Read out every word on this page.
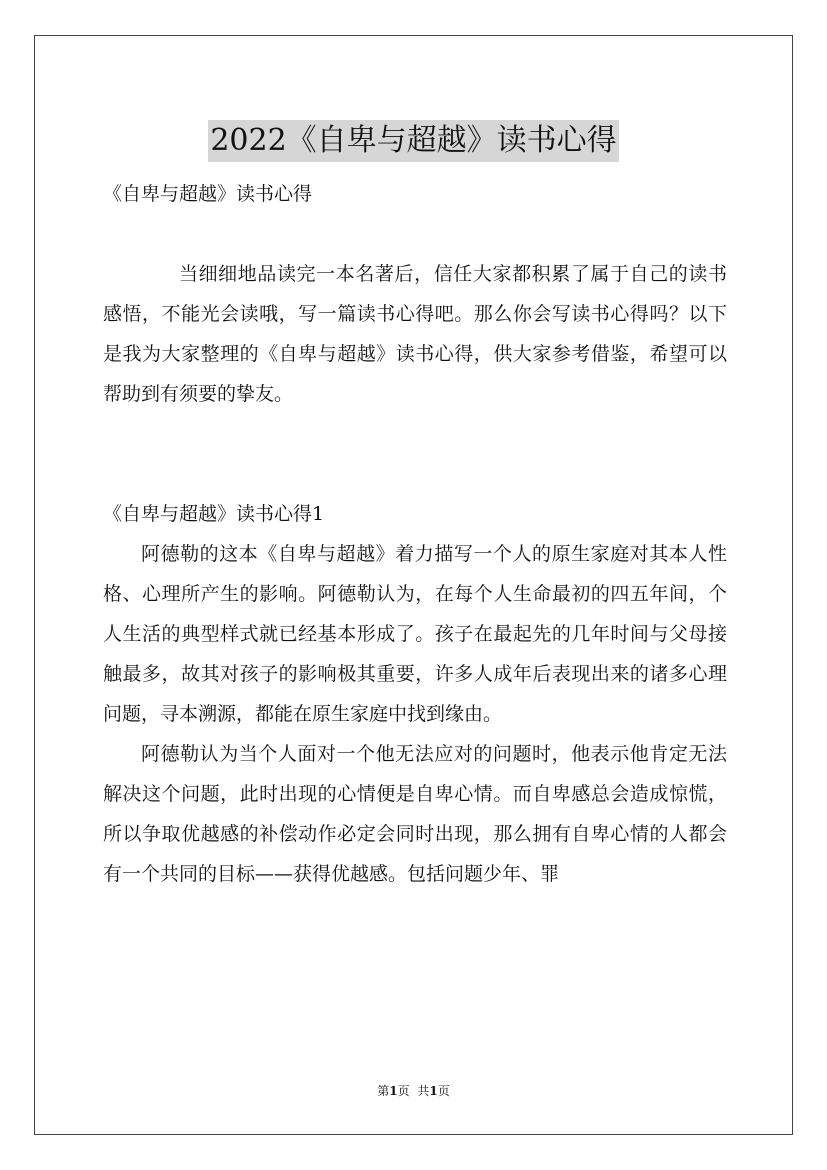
2022《自卑与超越》读书心得

《自卑与超越》读书心得

当细细地品读完一本名著后，信任大家都积累了属于自己的读书感悟，不能光会读哦，写一篇读书心得吧。那么你会写读书心得吗？以下是我为大家整理的《自卑与超越》读书心得，供大家参考借鉴，希望可以帮助到有须要的挚友。

《自卑与超越》读书心得1

阿德勒的这本《自卑与超越》着力描写一个人的原生家庭对其本人性格、心理所产生的影响。阿德勒认为，在每个人生命最初的四五年间，个人生活的典型样式就已经基本形成了。孩子在最起先的几年时间与父母接触最多，故其对孩子的影响极其重要，许多人成年后表现出来的诸多心理问题，寻本溯源，都能在原生家庭中找到缘由。

阿德勒认为当个人面对一个他无法应对的问题时，他表示他肯定无法解决这个问题，此时出现的心情便是自卑心情。而自卑感总会造成惊慌，所以争取优越感的补偿动作必定会同时出现，那么拥有自卑心情的人都会有一个共同的目标——获得优越感。包括问题少年、罪

第1页 共1页
